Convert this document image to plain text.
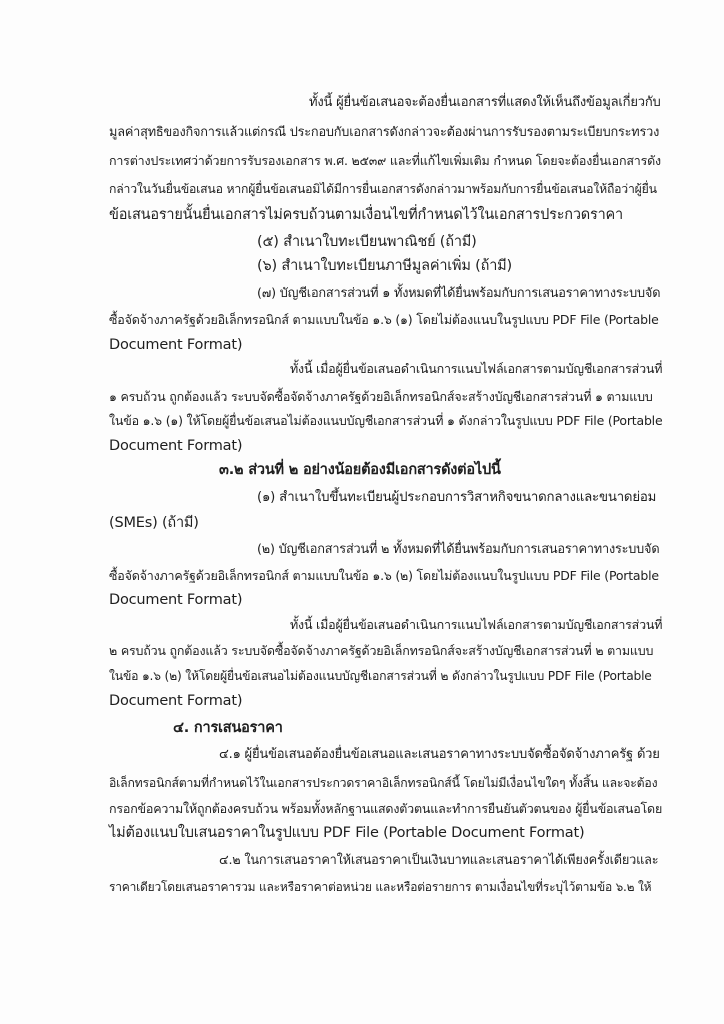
ทั้งนี้ ผู้ยื่นข้อเสนอจะต้องยื่นเอกสารที่แสดงให้เห็นถึงข้อมูลเกี่ยวกับ
มูลค่าสุทธิของกิจการแล้วแต่กรณี ประกอบกับเอกสารดังกล่าวจะต้องผ่านการรับรองตามระเบียบกระทรวง
การต่างประเทศว่าด้วยการรับรองเอกสาร พ.ศ. ๒๕๓๙ และที่แก้ไขเพิ่มเติม กำหนด โดยจะต้องยื่นเอกสารดัง
กล่าวในวันยื่นข้อเสนอ หากผู้ยื่นข้อเสนอมิได้มีการยื่นเอกสารดังกล่าวมาพร้อมกับการยื่นข้อเสนอให้ถือว่าผู้ยื่น
ข้อเสนอรายนั้นยื่นเอกสารไม่ครบถ้วนตามเงื่อนไขที่กำหนดไว้ในเอกสารประกวดราคา
(๕) สำเนาใบทะเบียนพาณิชย์ (ถ้ามี)
(๖) สำเนาใบทะเบียนภาษีมูลค่าเพิ่ม (ถ้ามี)
(๗) บัญชีเอกสารส่วนที่ ๑ ทั้งหมดที่ได้ยื่นพร้อมกับการเสนอราคาทางระบบจัด
ซื้อจัดจ้างภาครัฐด้วยอิเล็กทรอนิกส์ ตามแบบในข้อ ๑.๖ (๑) โดยไม่ต้องแนบในรูปแบบ PDF File (Portable
Document Format)
ทั้งนี้ เมื่อผู้ยื่นข้อเสนอดำเนินการแนบไฟล์เอกสารตามบัญชีเอกสารส่วนที่
๑ ครบถ้วน ถูกต้องแล้ว ระบบจัดซื้อจัดจ้างภาครัฐด้วยอิเล็กทรอนิกส์จะสร้างบัญชีเอกสารส่วนที่ ๑ ตามแบบ
ในข้อ ๑.๖ (๑) ให้โดยผู้ยื่นข้อเสนอไม่ต้องแนบบัญชีเอกสารส่วนที่ ๑ ดังกล่าวในรูปแบบ PDF File (Portable
Document Format)
๓.๒ ส่วนที่ ๒ อย่างน้อยต้องมีเอกสารดังต่อไปนี้
(๑) สำเนาใบขึ้นทะเบียนผู้ประกอบการวิสาหกิจขนาดกลางและขนาดย่อม
(SMEs) (ถ้ามี)
(๒) บัญชีเอกสารส่วนที่ ๒ ทั้งหมดที่ได้ยื่นพร้อมกับการเสนอราคาทางระบบจัด
ซื้อจัดจ้างภาครัฐด้วยอิเล็กทรอนิกส์ ตามแบบในข้อ ๑.๖ (๒) โดยไม่ต้องแนบในรูปแบบ PDF File (Portable
Document Format)
ทั้งนี้ เมื่อผู้ยื่นข้อเสนอดำเนินการแนบไฟล์เอกสารตามบัญชีเอกสารส่วนที่
๒ ครบถ้วน ถูกต้องแล้ว ระบบจัดซื้อจัดจ้างภาครัฐด้วยอิเล็กทรอนิกส์จะสร้างบัญชีเอกสารส่วนที่ ๒ ตามแบบ
ในข้อ ๑.๖ (๒) ให้โดยผู้ยื่นข้อเสนอไม่ต้องแนบบัญชีเอกสารส่วนที่ ๒ ดังกล่าวในรูปแบบ PDF File (Portable
Document Format)
๔. การเสนอราคา
๔.๑ ผู้ยื่นข้อเสนอต้องยื่นข้อเสนอและเสนอราคาทางระบบจัดซื้อจัดจ้างภาครัฐ ด้วย
อิเล็กทรอนิกส์ตามที่กำหนดไว้ในเอกสารประกวดราคาอิเล็กทรอนิกส์นี้ โดยไม่มีเงื่อนไขใดๆ ทั้งสิ้น และจะต้อง
กรอกข้อความให้ถูกต้องครบถ้วน พร้อมทั้งหลักฐานแสดงตัวตนและทำการยืนยันตัวตนของ ผู้ยื่นข้อเสนอโดย
ไม่ต้องแนบใบเสนอราคาในรูปแบบ PDF File (Portable Document Format)
๔.๒ ในการเสนอราคาให้เสนอราคาเป็นเงินบาทและเสนอราคาได้เพียงครั้งเดียวและ
ราคาเดียวโดยเสนอราคารวม และหรือราคาต่อหน่วย และหรือต่อรายการ ตามเงื่อนไขที่ระบุไว้ตามข้อ ๖.๒ ให้
